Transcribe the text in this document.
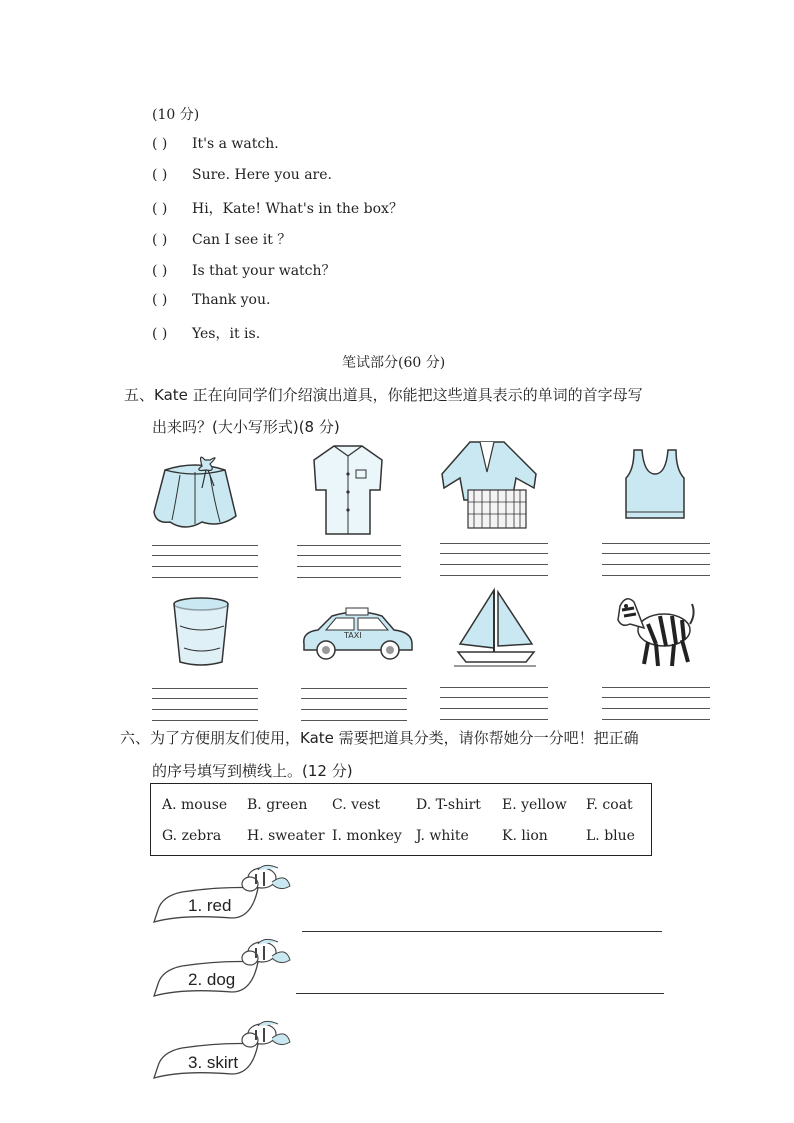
(10 分)
( ) It's a watch.
( ) Sure. Here you are.
( ) Hi，Kate! What's in the box？
( ) Can I see it ？
( ) Is that your watch？
( ) Thank you.
( ) Yes，it is.
笔试部分(60 分)
五、Kate 正在向同学们介绍演出道具，你能把这些道具表示的单词的首字母写
出来吗？(大小写形式)(8 分)
TAXI
六、为了方便朋友们使用，Kate 需要把道具分类，请你帮她分一分吧！把正确
的序号填写到横线上。(12 分)
A. mouse B. green C. vest	D. T-shirt E. yellow F. coat
G. zebra H. sweater I. monkey J. white K. lion	L. blue
1. red
2. dog
3. skirt
